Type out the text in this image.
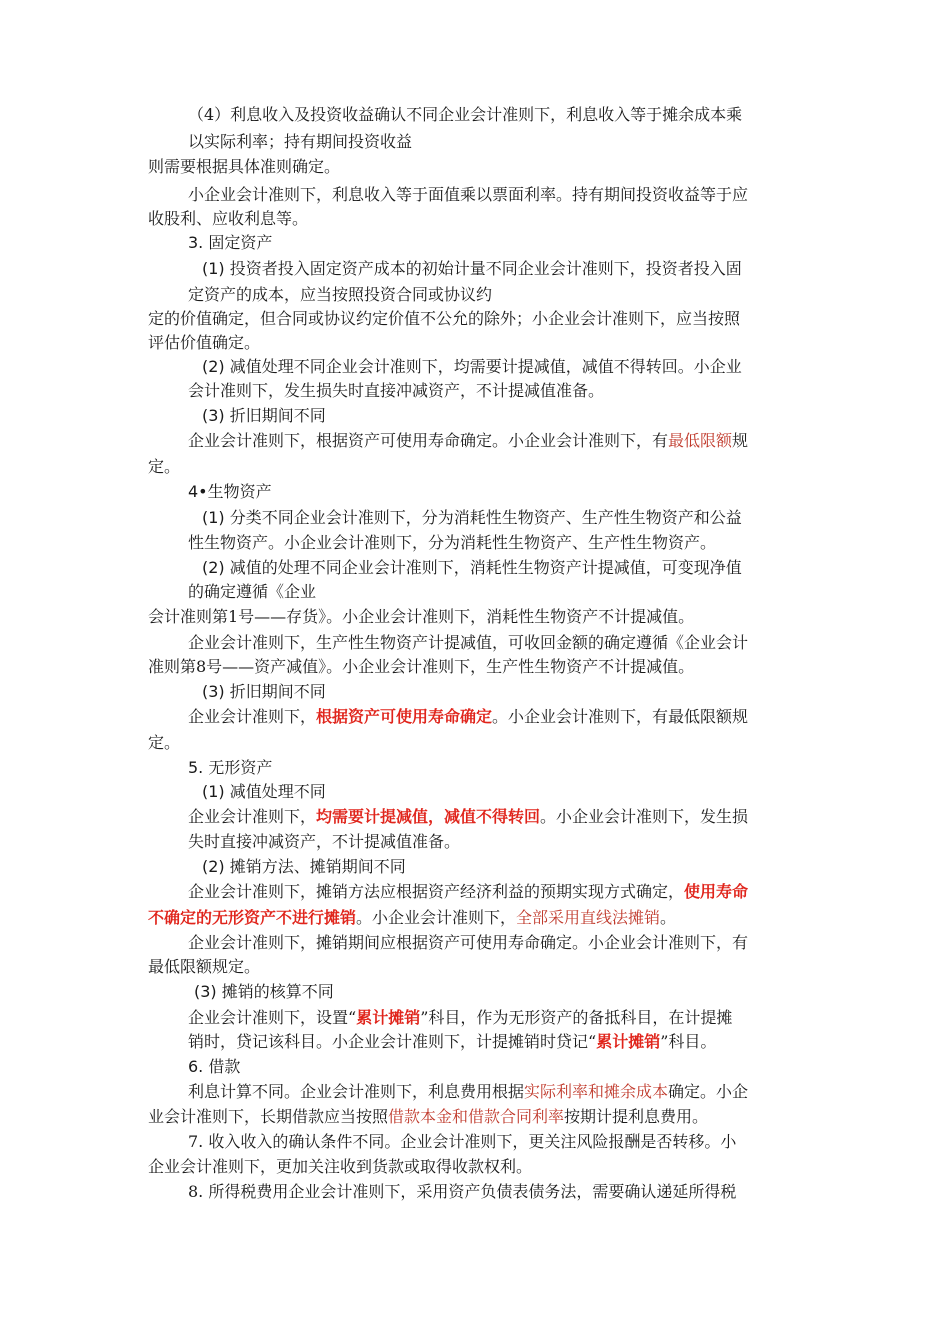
（4）利息收入及投资收益确认不同企业会计准则下，利息收入等于摊余成本乘
以实际利率；持有期间投资收益
则需要根据具体准则确定。
小企业会计准则下，利息收入等于面值乘以票面利率。持有期间投资收益等于应
收股利、应收利息等。
3. 固定资产
(1) 投资者投入固定资产成本的初始计量不同企业会计准则下，投资者投入固
定资产的成本，应当按照投资合同或协议约
定的价值确定，但合同或协议约定价值不公允的除外；小企业会计准则下，应当按照
评估价值确定。
(2) 减值处理不同企业会计准则下，均需要计提减值，减值不得转回。小企业
会计准则下，发生损失时直接冲减资产，不计提减值准备。
(3) 折旧期间不同
企业会计准则下，根据资产可使用寿命确定。小企业会计准则下，有最低限额规
定。
4•生物资产
(1) 分类不同企业会计准则下，分为消耗性生物资产、生产性生物资产和公益
性生物资产。小企业会计准则下，分为消耗性生物资产、生产性生物资产。
(2) 减值的处理不同企业会计准则下，消耗性生物资产计提减值，可变现净值
的确定遵循《企业
会计准则第1号——存货》。小企业会计准则下，消耗性生物资产不计提减值。
企业会计准则下，生产性生物资产计提减值，可收回金额的确定遵循《企业会计
准则第8号——资产减值》。小企业会计准则下，生产性生物资产不计提减值。
(3) 折旧期间不同
企业会计准则下，根据资产可使用寿命确定。小企业会计准则下，有最低限额规
定。
5. 无形资产
(1) 减值处理不同
企业会计准则下，均需要计提减值，减值不得转回。小企业会计准则下，发生损
失时直接冲减资产，不计提减值准备。
(2) 摊销方法、摊销期间不同
企业会计准则下，摊销方法应根据资产经济利益的预期实现方式确定，使用寿命
不确定的无形资产不进行摊销。小企业会计准则下，全部采用直线法摊销。
企业会计准则下，摊销期间应根据资产可使用寿命确定。小企业会计准则下，有
最低限额规定。
(3) 摊销的核算不同
企业会计准则下，设置“累计摊销”科目，作为无形资产的备抵科目，在计提摊
销时，贷记该科目。小企业会计准则下，计提摊销时贷记“累计摊销”科目。
6. 借款
利息计算不同。企业会计准则下，利息费用根据实际利率和摊余成本确定。小企
业会计准则下，长期借款应当按照借款本金和借款合同利率按期计提利息费用。
7. 收入收入的确认条件不同。企业会计准则下，更关注风险报酬是否转移。小
企业会计准则下，更加关注收到货款或取得收款权利。
8. 所得税费用企业会计准则下，采用资产负债表债务法，需要确认递延所得税
